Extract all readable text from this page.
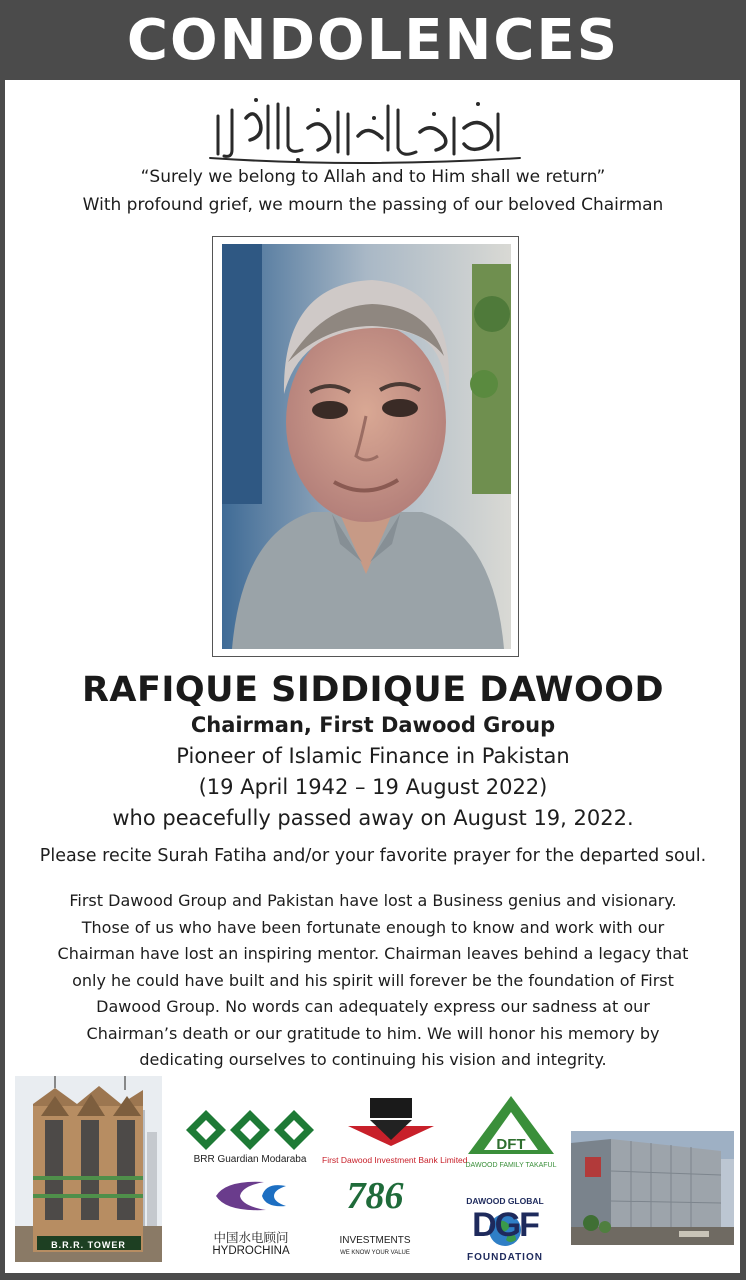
CONDOLENCES
“Surely we belong to Allah and to Him shall we return”
With profound grief, we mourn the passing of our beloved Chairman
RAFIQUE SIDDIQUE DAWOOD
Chairman, First Dawood Group
Pioneer of Islamic Finance in Pakistan
(19 April 1942 – 19 August 2022)
who peacefully passed away on August 19, 2022.
Please recite Surah Fatiha and/or your favorite prayer for the departed soul.
First Dawood Group and Pakistan have lost a Business genius and visionary.
Those of us who have been fortunate enough to know and work with our
Chairman have lost an inspiring mentor. Chairman leaves behind a legacy that
only he could have built and his spirit will forever be the foundation of First
Dawood Group. No words can adequately express our sadness at our
Chairman’s death or our gratitude to him. We will honor his memory by
dedicating ourselves to continuing his vision and integrity.
B.R.R. TOWER
BRR Guardian Modaraba	First Dawood Investment Bank Limited
DFT
DAWOOD FAMILY TAKAFUL
中国水电顾问
HYDROCHINA
786
INVESTMENTS
WE KNOW YOUR VALUE
DAWOOD GLOBAL
DGF
FOUNDATION
